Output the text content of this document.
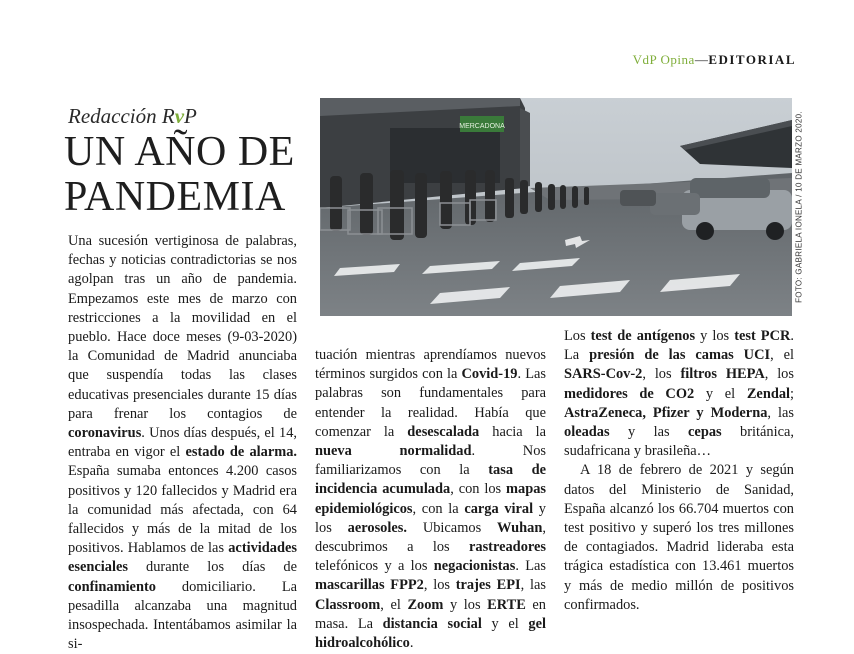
VdP Opina—EDITORIAL
Redacción RvP
UN AÑO DE
PANDEMIA
MERCADONA	FOTO: GABRIELA IONELA / 10 DE MARZO 2020.

Una sucesión vertiginosa de palabras, fechas y noticias contradictorias se nos agolpan tras un año de pandemia. Empezamos este mes de marzo con restricciones a la movilidad en el pueblo. Hace doce meses (9-03-2020) la Comunidad de Madrid anunciaba que suspendía todas las clases educativas presenciales durante 15 días para frenar los contagios de coronavirus. Unos días después, el 14, entraba en vigor el estado de alarma. España sumaba entonces 4.200 casos positivos y 120 fallecidos y Madrid era la comunidad más afectada, con 64 fallecidos y más de la mitad de los positivos. Hablamos de las actividades esenciales durante los días de confinamiento domiciliario. La pesadilla alcanzaba una magnitud insospechada. Intentábamos asimilar la si-

tuación mientras aprendíamos nuevos términos surgidos con la Covid-19. Las palabras son fundamentales para entender la realidad. Había que comenzar la desescalada hacia la nueva normalidad. Nos familiarizamos con la tasa de incidencia acumulada, con los mapas epidemiológicos, con la carga viral y los aerosoles. Ubicamos Wuhan, descubrimos a los rastreadores telefónicos y a los negacionistas. Las mascarillas FPP2, los trajes EPI, las Classroom, el Zoom y los ERTE en masa. La distancia social y el gel hidroalcohólico.

Los test de antígenos y los test PCR. La presión de las camas UCI, el SARS-Cov-2, los filtros HEPA, los medidores de CO2 y el Zendal; AstraZeneca, Pfizer y Moderna, las oleadas y las cepas británica, sudafricana y brasileña…

A 18 de febrero de 2021 y según datos del Ministerio de Sanidad, España alcanzó los 66.704 muertos con test positivo y superó los tres millones de contagiados. Madrid lideraba esta trágica estadística con 13.461 muertos y más de medio millón de positivos confirmados.
